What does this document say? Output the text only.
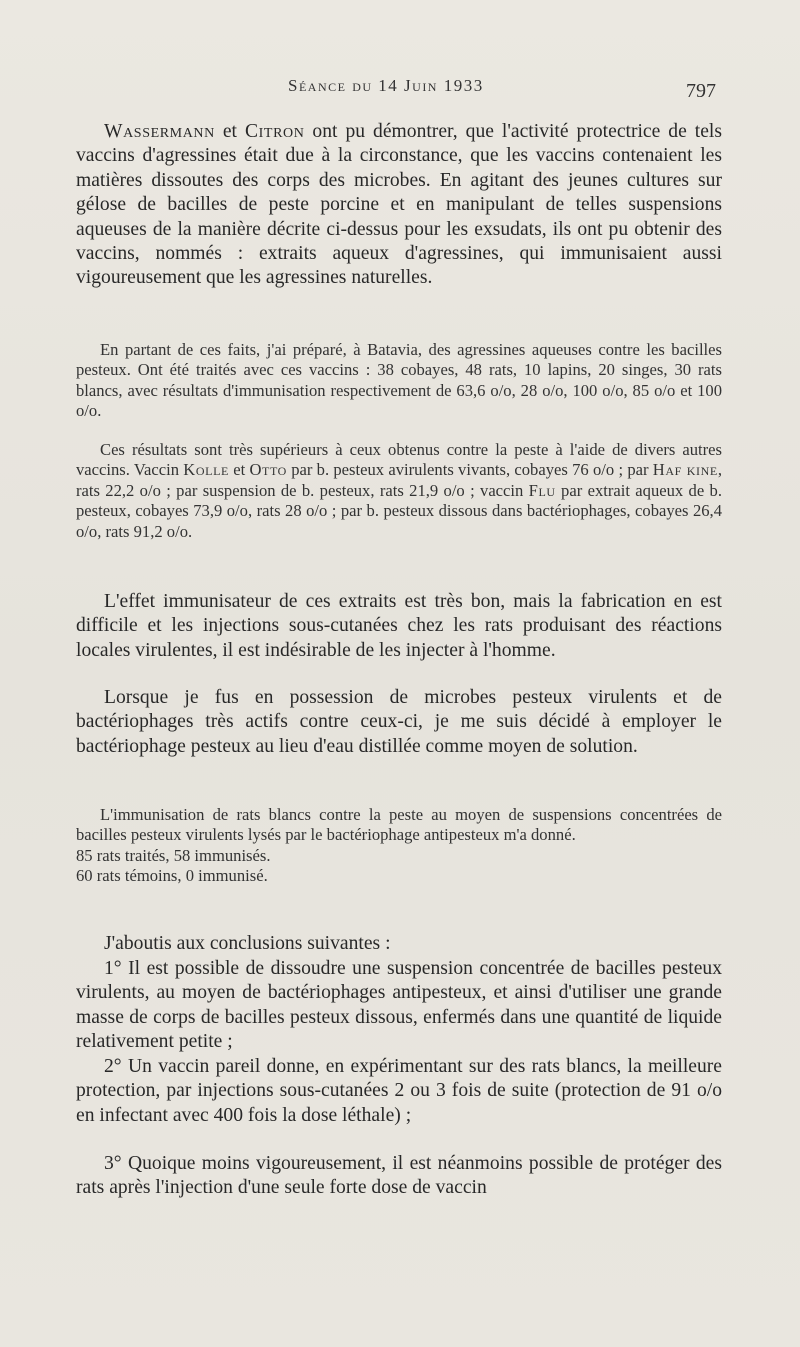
Séance du 14 Juin 1933	797

Wassermann et Citron ont pu démontrer, que l'activité protectrice de tels vaccins d'agressines était due à la circonstance, que les vaccins contenaient les matières dissoutes des corps des microbes. En agitant des jeunes cultures sur gélose de bacilles de peste porcine et en manipulant de telles suspensions aqueuses de la manière décrite ci-dessus pour les exsudats, ils ont pu obtenir des vaccins, nommés : extraits aqueux d'agressines, qui immunisaient aussi vigoureusement que les agressines naturelles.

En partant de ces faits, j'ai préparé, à Batavia, des agressines aqueuses contre les bacilles pesteux. Ont été traités avec ces vaccins : 38 cobayes, 48 rats, 10 lapins, 20 singes, 30 rats blancs, avec résultats d'immunisation respectivement de 63,6 o/o, 28 o/o, 100 o/o, 85 o/o et 100 o/o.

Ces résultats sont très supérieurs à ceux obtenus contre la peste à l'aide de divers autres vaccins. Vaccin Kolle et Otto par b. pesteux avirulents vivants, cobayes 76 o/o ; par Haf kine, rats 22,2 o/o ; par suspension de b. pesteux, rats 21,9 o/o ; vaccin Flu par extrait aqueux de b. pesteux, cobayes 73,9 o/o, rats 28 o/o ; par b. pesteux dissous dans bactériophages, cobayes 26,4 o/o, rats 91,2 o/o.

L'effet immunisateur de ces extraits est très bon, mais la fabrication en est difficile et les injections sous-cutanées chez les rats produisant des réactions locales virulentes, il est indésirable de les injecter à l'homme.

Lorsque je fus en possession de microbes pesteux virulents et de bactériophages très actifs contre ceux-ci, je me suis décidé à employer le bactériophage pesteux au lieu d'eau distillée comme moyen de solution.

L'immunisation de rats blancs contre la peste au moyen de suspensions concentrées de bacilles pesteux virulents lysés par le bactériophage antipesteux m'a donné.

85 rats traités, 58 immunisés.

60 rats témoins, 0 immunisé.

J'aboutis aux conclusions suivantes :

1° Il est possible de dissoudre une suspension concentrée de bacilles pesteux virulents, au moyen de bactériophages antipesteux, et ainsi d'utiliser une grande masse de corps de bacilles pesteux dissous, enfermés dans une quantité de liquide relativement petite ;

2° Un vaccin pareil donne, en expérimentant sur des rats blancs, la meilleure protection, par injections sous-cutanées 2 ou 3 fois de suite (protection de 91 o/o en infectant avec 400 fois la dose léthale) ;

3° Quoique moins vigoureusement, il est néanmoins possible de protéger des rats après l'injection d'une seule forte dose de vaccin
